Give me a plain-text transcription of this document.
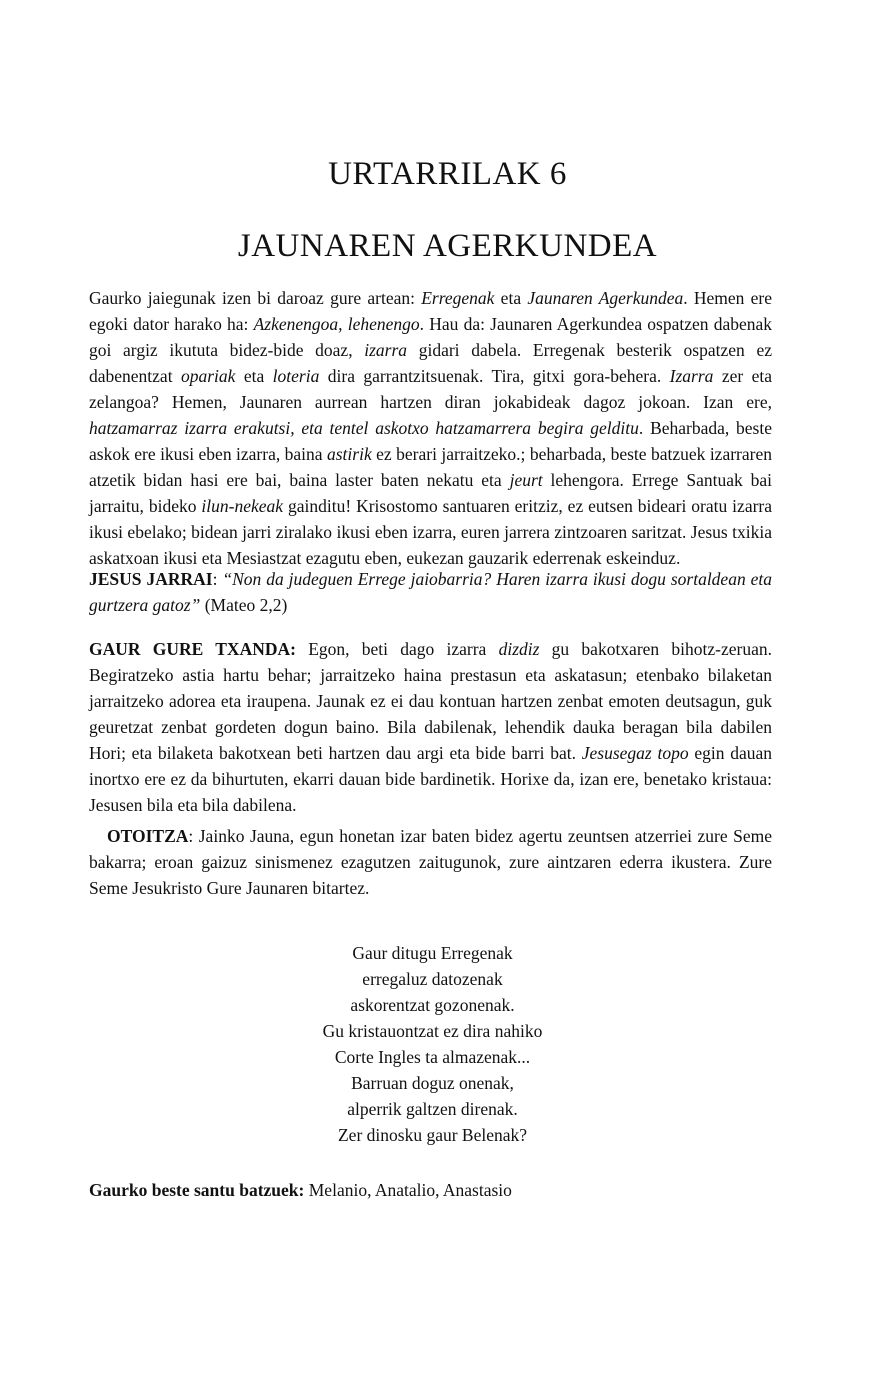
URTARRILAK 6
JAUNAREN AGERKUNDEA

Gaurko jaiegunak izen bi daroaz gure artean: Erregenak eta Jaunaren Agerkundea. Hemen ere egoki dator harako ha: Azkenengoa, lehenengo. Hau da: Jaunaren Agerkundea ospatzen dabenak goi argiz ikututa bidez-bide doaz, izarra gidari dabela. Erregenak besterik ospatzen ez dabenentzat opariak eta loteria dira garrantzitsuenak. Tira, gitxi gora-behera. Izarra zer eta zelangoa? Hemen, Jaunaren aurrean hartzen diran jokabideak dagoz jokoan. Izan ere, hatzamarraz izarra erakutsi, eta tentel askotxo hatzamarrera begira gelditu. Beharbada, beste askok ere ikusi eben izarra, baina astirik ez berari jarraitzeko.; beharbada, beste batzuek izarraren atzetik bidan hasi ere bai, baina laster baten nekatu eta jeurt lehengora. Errege Santuak bai jarraitu, bideko ilun-nekeak gainditu! Krisostomo santuaren eritziz, ez eutsen bideari oratu izarra ikusi ebelako; bidean jarri ziralako ikusi eben izarra, euren jarrera zintzoaren saritzat. Jesus txikia askatxoan ikusi eta Mesiastzat ezagutu eben, eukezan gauzarik ederrenak eskeinduz.

JESUS JARRAI: “Non da judeguen Errege jaiobarria? Haren izarra ikusi dogu sortaldean eta gurtzera gatoz” (Mateo 2,2)

GAUR GURE TXANDA: Egon, beti dago izarra dizdiz gu bakotxaren bihotz-zeruan. Begiratzeko astia hartu behar; jarraitzeko haina prestasun eta askatasun; etenbako bilaketan jarraitzeko adorea eta iraupena. Jaunak ez ei dau kontuan hartzen zenbat emoten deutsagun, guk geuretzat zenbat gordeten dogun baino. Bila dabilenak, lehendik dauka beragan bila dabilen Hori; eta bilaketa bakotxean beti hartzen dau argi eta bide barri bat. Jesusegaz topo egin dauan inortxo ere ez da bihurtuten, ekarri dauan bide bardinetik. Horixe da, izan ere, benetako kristaua: Jesusen bila eta bila dabilena.

OTOITZA: Jainko Jauna, egun honetan izar baten bidez agertu zeuntsen atzerriei zure Seme bakarra; eroan gaizuz sinismenez ezagutzen zaitugunok, zure aintzaren ederra ikustera. Zure Seme Jesukristo Gure Jaunaren bitartez.

Gaur ditugu Erregenak
erregaluz datozenak
askorentzat gozonenak.
Gu kristauontzat ez dira nahiko
Corte Ingles ta almazenak...
Barruan doguz onenak,
alperrik galtzen direnak.
Zer dinosku gaur Belenak?

Gaurko beste santu batzuek: Melanio, Anatalio, Anastasio
